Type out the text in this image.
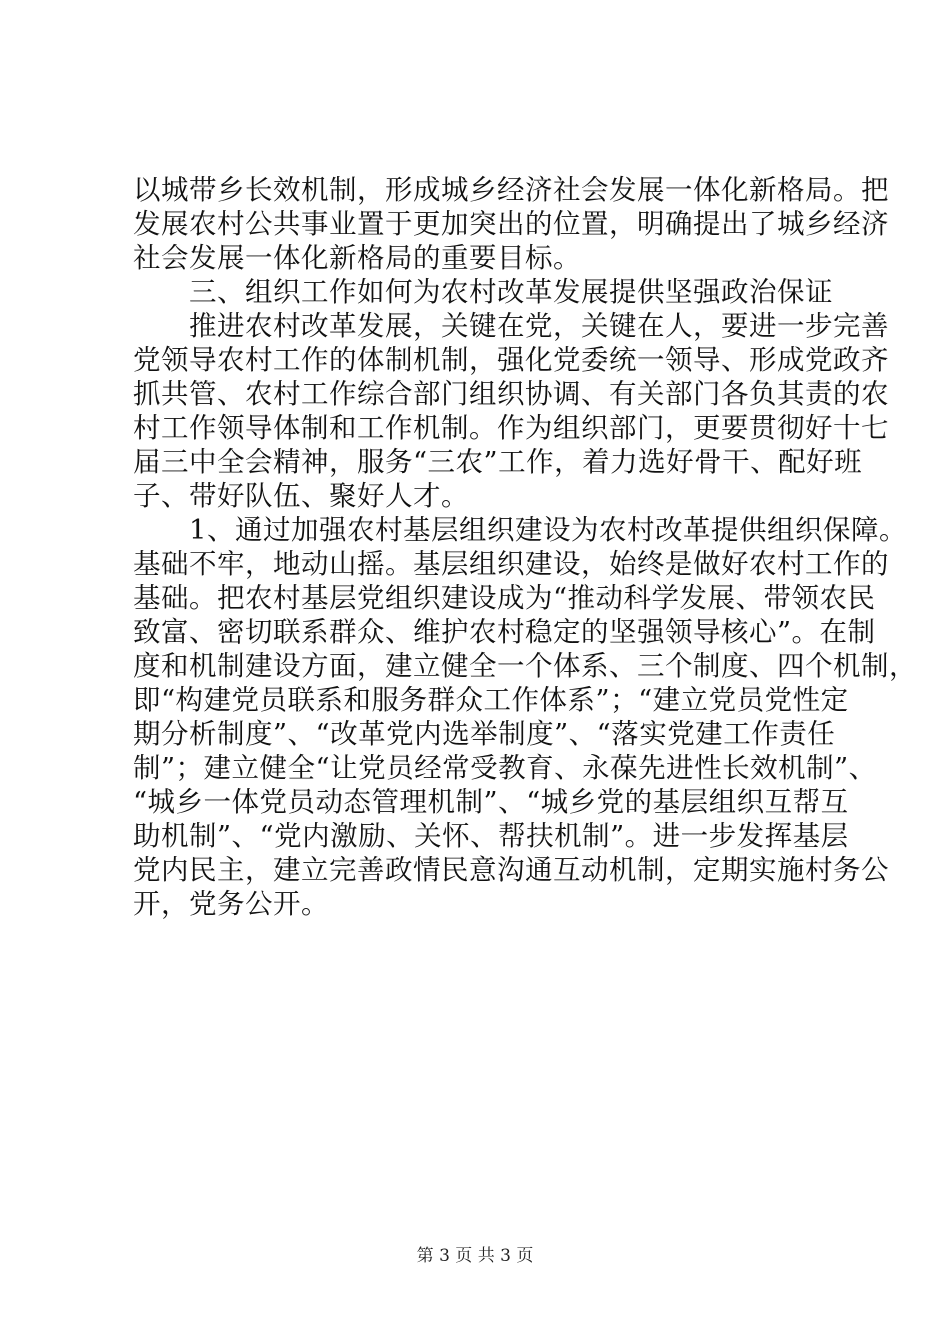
以城带乡长效机制，形成城乡经济社会发展一体化新格局。把
发展农村公共事业置于更加突出的位置，明确提出了城乡经济
社会发展一体化新格局的重要目标。
　　三、组织工作如何为农村改革发展提供坚强政治保证
　　推进农村改革发展，关键在党，关键在人，要进一步完善
党领导农村工作的体制机制，强化党委统一领导、形成党政齐
抓共管、农村工作综合部门组织协调、有关部门各负其责的农
村工作领导体制和工作机制。作为组织部门，更要贯彻好十七
届三中全会精神，服务“三农”工作，着力选好骨干、配好班
子、带好队伍、聚好人才。
　　1、通过加强农村基层组织建设为农村改革提供组织保障。
基础不牢，地动山摇。基层组织建设，始终是做好农村工作的
基础。把农村基层党组织建设成为“推动科学发展、带领农民
致富、密切联系群众、维护农村稳定的坚强领导核心”。在制
度和机制建设方面，建立健全一个体系、三个制度、四个机制，
即“构建党员联系和服务群众工作体系”；“建立党员党性定
期分析制度”、“改革党内选举制度”、“落实党建工作责任
制”；建立健全“让党员经常受教育、永葆先进性长效机制”、
“城乡一体党员动态管理机制”、“城乡党的基层组织互帮互
助机制”、“党内激励、关怀、帮扶机制”。进一步发挥基层
党内民主，建立完善政情民意沟通互动机制，定期实施村务公
开，党务公开。
第 3 页 共 3 页
